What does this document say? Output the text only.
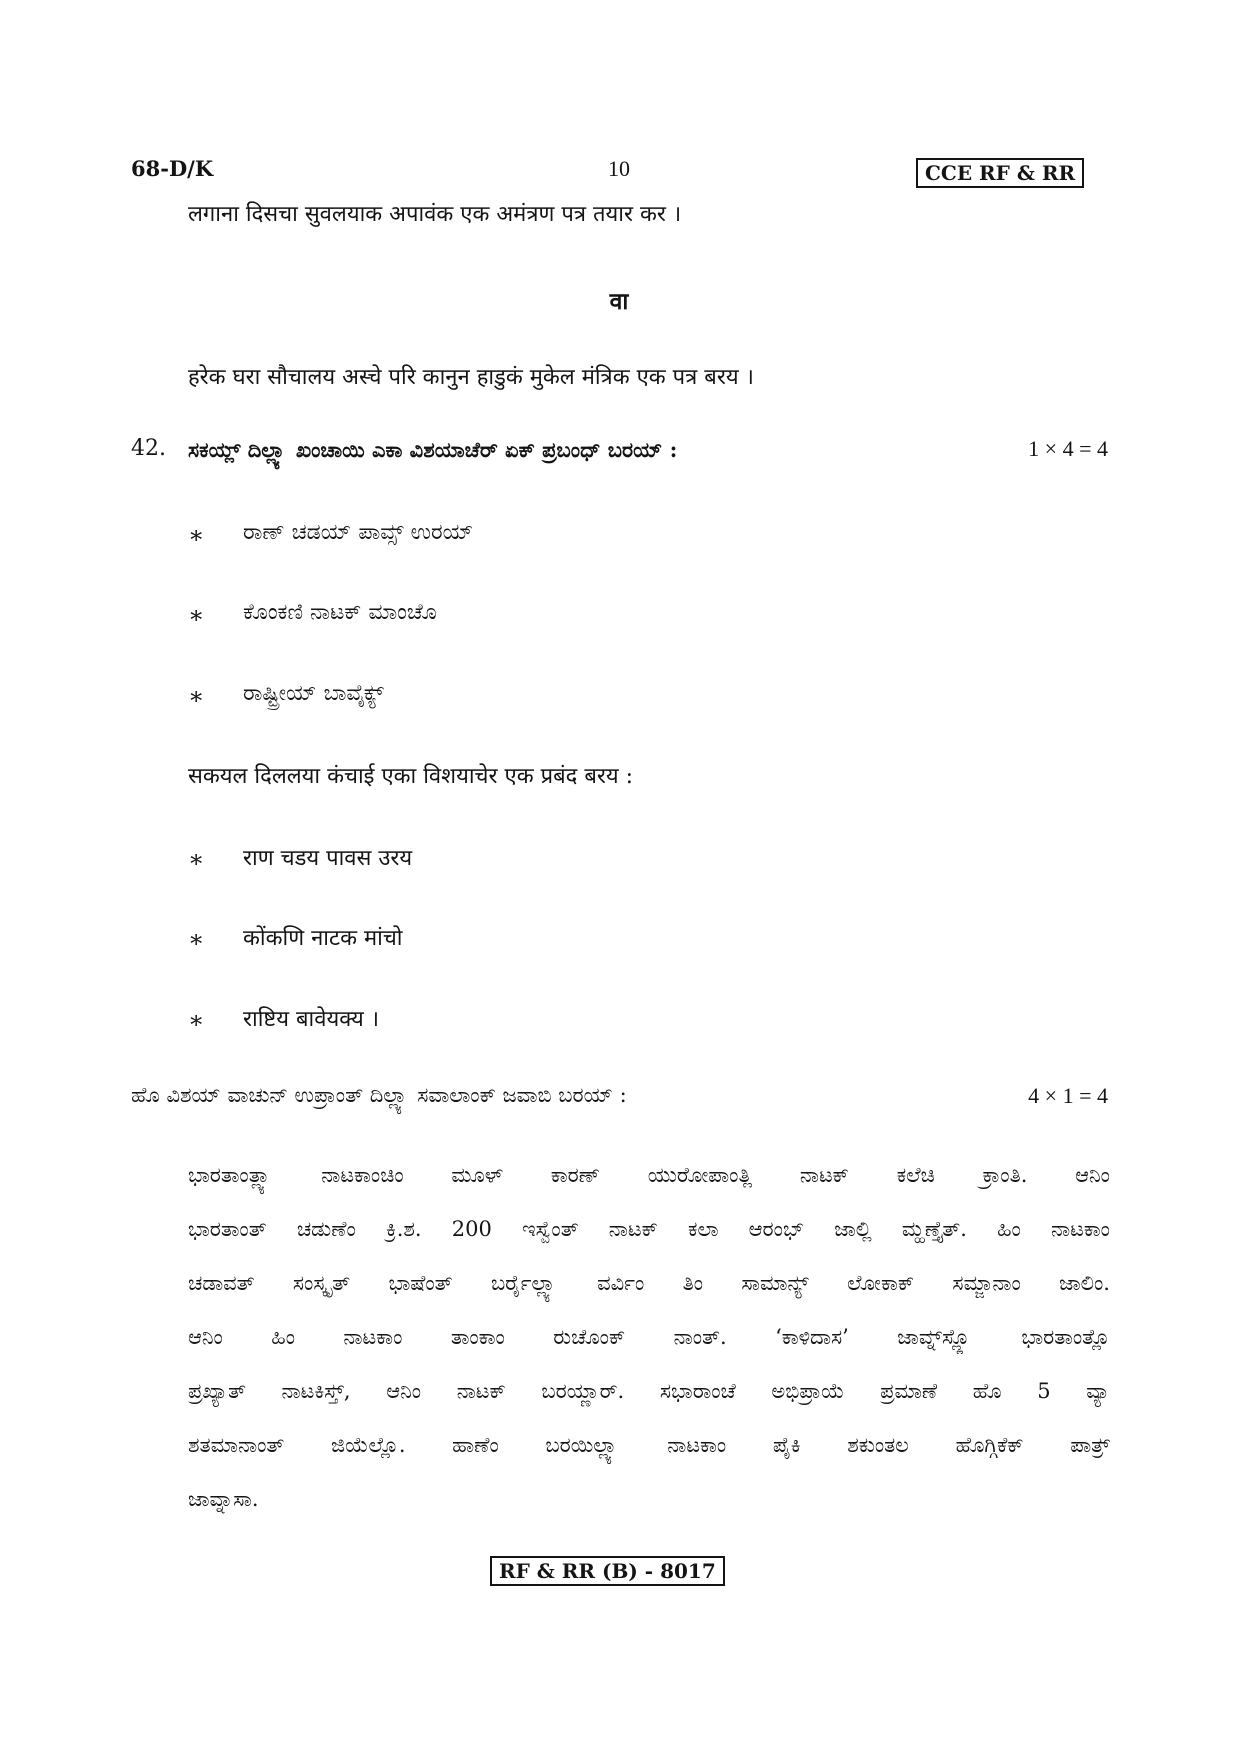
68-D/K	10	CCE RF & RR

लगाना दिसचा सुवलयाक अपावंक एक अमंत्रण पत्र तयार कर ।

वा

हरेक घरा सौचालय अस्चे परि कानुन हाडुकं मुकेल मंत्रिक एक पत्र बरय ।

42. ಸಕಯ್ಲ್ ದಿಲ್ಲ್ಯಾ ಖಂಚಾಯಿ ಎಕಾ ವಿಶಯಾಚೆರ್ ಏಕ್ ಪ್ರಬಂಧ್ ಬರಯ್ :	1 × 4 = 4
∗ ರಾಣ್ ಚಡಯ್ ಪಾವ್ಸ್ ಉರಯ್
∗ ಕೊಂಕಣಿ ನಾಟಕ್ ಮಾಂಚೊ
∗ ರಾಷ್ಟ್ರೀಯ್ ಬಾವೈಕ್ಯ್

सकयल दिललया कंचाई एका विशयाचेर एक प्रबंद बरय :

∗ राण चडय पावस उरय
∗ कोंकणि नाटक मांचो
∗ राष्टिय बावेयक्य ।
ಹೊ ವಿಶಯ್ ವಾಚುನ್ ಉಪ್ರಾಂತ್ ದಿಲ್ಲ್ಯಾ ಸವಾಲಾಂಕ್ ಜವಾಬಿ ಬರಯ್ :	4 × 1 = 4
ಭಾರತಾಂತ್ಲ್ಯಾ ನಾಟಕಾಂಚಿಂ ಮೂಳ್ ಕಾರಣ್ ಯುರೋಪಾಂತ್ಲಿ ನಾಟಕ್ ಕಲೆಚಿ ಕ್ರಾಂತಿ. ಆನಿಂ
ಭಾರತಾಂತ್ ಚಡುಣೆಂ ಕ್ರಿ.ಶ. 200 ಇಸ್ವೆಂತ್ ನಾಟಕ್ ಕಲಾ ಆರಂಭ್ ಜಾಲ್ಲಿ ಮ್ಹಣ್ತೈತ್. ಹಿಂ ನಾಟಕಾಂ
ಚಡಾವತ್ ಸಂಸ್ಕೃತ್ ಭಾಷೆಂತ್ ಬರ್ರೈಲ್ಲ್ಯಾ ವರ್ವಿಂ ತಿಂ ಸಾಮಾನ್ಯ್ ಲೋಕಾಕ್ ಸಮ್ಜಾನಾಂ ಜಾಲಿಂ.
ಆನಿಂ ಹಿಂ ನಾಟಕಾಂ ತಾಂಕಾಂ ರುಚೊಂಕ್ ನಾಂತ್. ‘ಕಾಳಿದಾಸ’ ಜಾವ್ನ್‌ಸ್ಲ್ಲೊ ಭಾರತಾಂತ್ಲೊ
ಪ್ರಖ್ಯಾತ್ ನಾಟಕಿಸ್ತ್, ಆನಿಂ ನಾಟಕ್ ಬರಯ್ಣಾರ್. ಸಭಾರಾಂಚೆ ಅಭಿಪ್ರಾಯೆ ಪ್ರಮಾಣೆ ಹೊ 5 ವ್ಯಾ
ಶತಮಾನಾಂತ್ ಜಿಯೆಲ್ಲೊ. ಹಾಣೆಂ ಬರಯಿಲ್ಲ್ಯಾ ನಾಟಕಾಂ ಪೈಕಿ ಶಕುಂತಲ ಹೊಗ್ಗಿಕೆಕ್ ಪಾತ್ರ್
ಜಾವ್ನಾಸಾ.
RF & RR (B) - 8017
